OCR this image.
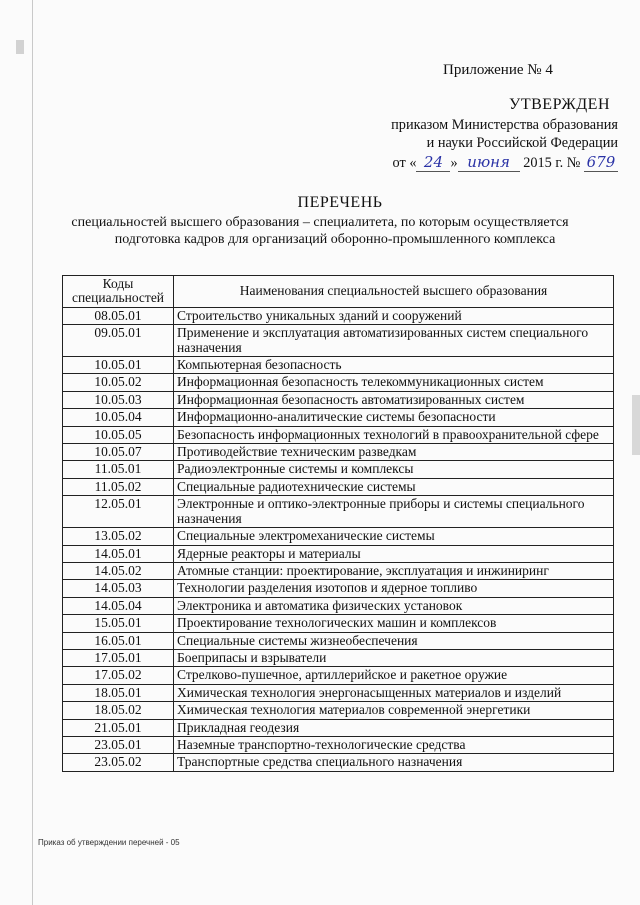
Приложение № 4
УТВЕРЖДЕН
приказом Министерства образования
и науки Российской Федерации
от « 24 » июня 2015 г. № 679
ПЕРЕЧЕНЬ
специальностей высшего образования – специалитета, по которым осуществляется
подготовка кадров для организаций оборонно-промышленного комплекса
Коды специальностей	Наименования специальностей высшего образования
08.05.01	Строительство уникальных зданий и сооружений
09.05.01	Применение и эксплуатация автоматизированных систем специального назначения
10.05.01	Компьютерная безопасность
10.05.02	Информационная безопасность телекоммуникационных систем
10.05.03	Информационная безопасность автоматизированных систем
10.05.04	Информационно-аналитические системы безопасности
10.05.05	Безопасность информационных технологий в правоохранительной сфере
10.05.07	Противодействие техническим разведкам
11.05.01	Радиоэлектронные системы и комплексы
11.05.02	Специальные радиотехнические системы
12.05.01	Электронные и оптико-электронные приборы и системы специального назначения
13.05.02	Специальные электромеханические системы
14.05.01	Ядерные реакторы и материалы
14.05.02	Атомные станции: проектирование, эксплуатация и инжиниринг
14.05.03	Технологии разделения изотопов и ядерное топливо
14.05.04	Электроника и автоматика физических установок
15.05.01	Проектирование технологических машин и комплексов
16.05.01	Специальные системы жизнеобеспечения
17.05.01	Боеприпасы и взрыватели
17.05.02	Стрелково-пушечное, артиллерийское и ракетное оружие
18.05.01	Химическая технология энергонасыщенных материалов и изделий
18.05.02	Химическая технология материалов современной энергетики
21.05.01	Прикладная геодезия
23.05.01	Наземные транспортно-технологические средства
23.05.02	Транспортные средства специального назначения
Приказ об утверждении перечней - 05
